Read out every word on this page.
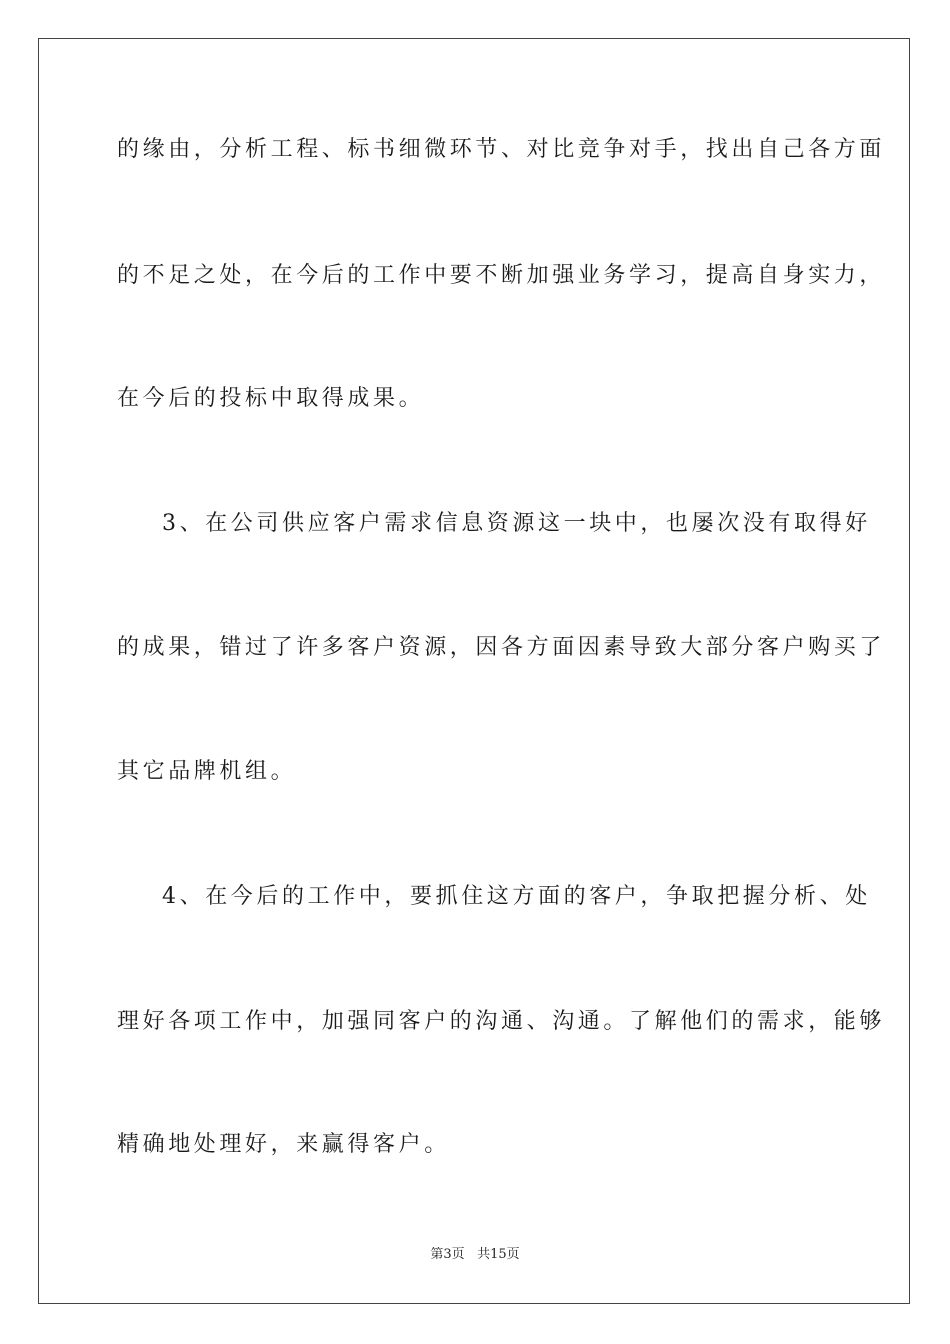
的缘由，分析工程、标书细微环节、对比竞争对手，找出自己各方面
的不足之处，在今后的工作中要不断加强业务学习，提高自身实力，
在今后的投标中取得成果。
3、在公司供应客户需求信息资源这一块中，也屡次没有取得好
的成果，错过了许多客户资源，因各方面因素导致大部分客户购买了
其它品牌机组。
4、在今后的工作中，要抓住这方面的客户，争取把握分析、处
理好各项工作中，加强同客户的沟通、沟通。了解他们的需求，能够
精确地处理好，来赢得客户。
第3页 共15页
